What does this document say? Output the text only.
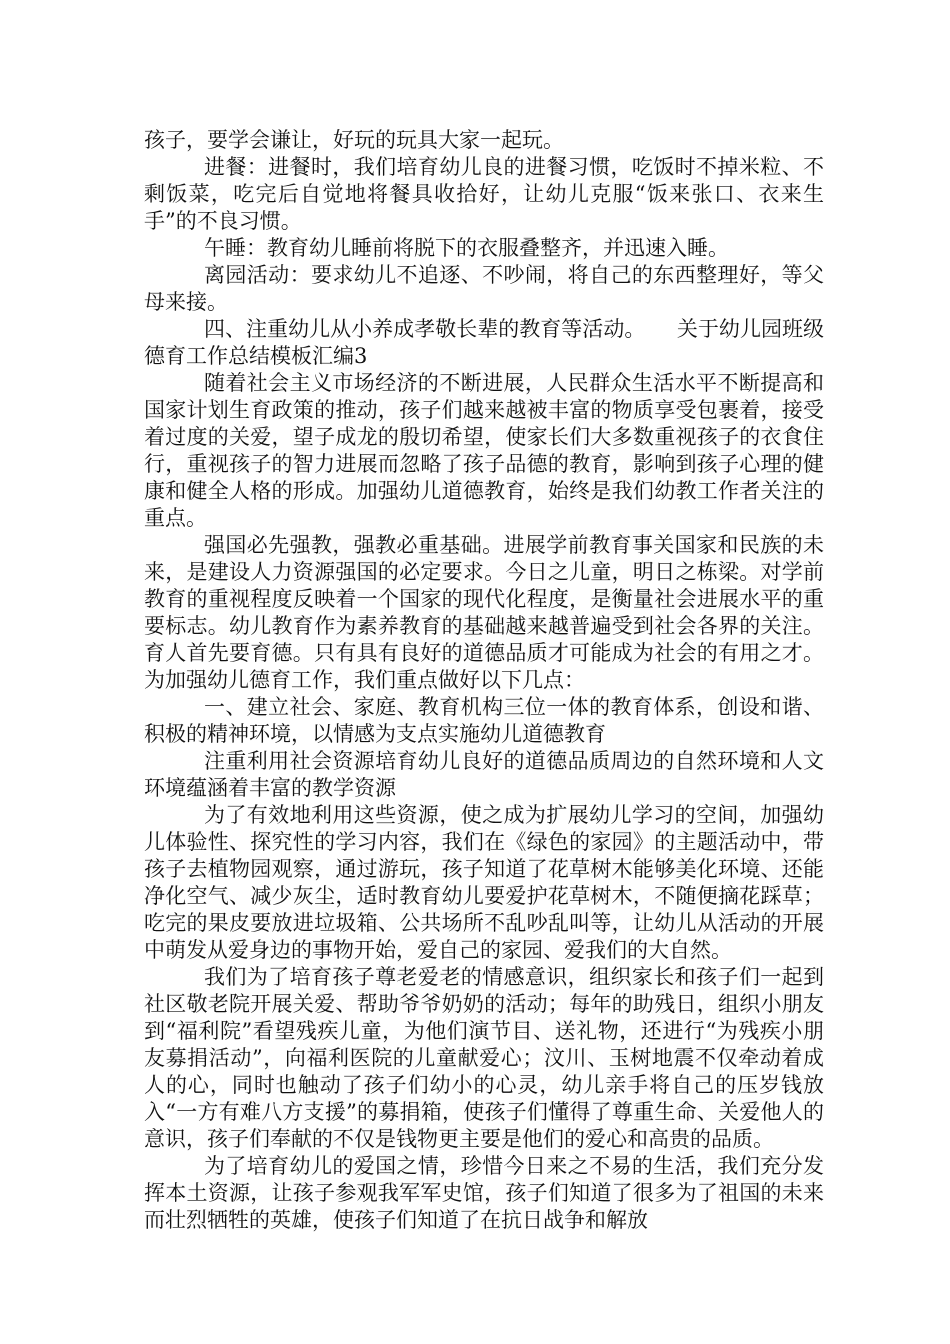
孩子，要学会谦让，好玩的玩具大家一起玩。

进餐：进餐时，我们培育幼儿良的进餐习惯，吃饭时不掉米粒、不剩饭菜，吃完后自觉地将餐具收拾好，让幼儿克服“饭来张口、衣来生手”的不良习惯。

午睡：教育幼儿睡前将脱下的衣服叠整齐，并迅速入睡。

离园活动：要求幼儿不追逐、不吵闹，将自己的东西整理好，等父母来接。

四、注重幼儿从小养成孝敬长辈的教育等活动。　　关于幼儿园班级德育工作总结模板汇编3

随着社会主义市场经济的不断进展，人民群众生活水平不断提高和国家计划生育政策的推动，孩子们越来越被丰富的物质享受包裹着，接受着过度的关爱，望子成龙的殷切希望，使家长们大多数重视孩子的衣食住行，重视孩子的智力进展而忽略了孩子品德的教育，影响到孩子心理的健康和健全人格的形成。加强幼儿道德教育，始终是我们幼教工作者关注的重点。

强国必先强教，强教必重基础。进展学前教育事关国家和民族的未来，是建设人力资源强国的必定要求。今日之儿童，明日之栋梁。对学前教育的重视程度反映着一个国家的现代化程度，是衡量社会进展水平的重要标志。幼儿教育作为素养教育的基础越来越普遍受到社会各界的关注。育人首先要育德。只有具有良好的道德品质才可能成为社会的有用之才。为加强幼儿德育工作，我们重点做好以下几点：

一、建立社会、家庭、教育机构三位一体的教育体系，创设和谐、积极的精神环境，以情感为支点实施幼儿道德教育

注重利用社会资源培育幼儿良好的道德品质周边的自然环境和人文环境蕴涵着丰富的教学资源

为了有效地利用这些资源，使之成为扩展幼儿学习的空间，加强幼儿体验性、探究性的学习内容，我们在《绿色的家园》的主题活动中，带孩子去植物园观察，通过游玩，孩子知道了花草树木能够美化环境、还能净化空气、减少灰尘，适时教育幼儿要爱护花草树木，不随便摘花踩草；吃完的果皮要放进垃圾箱、公共场所不乱吵乱叫等，让幼儿从活动的开展中萌发从爱身边的事物开始，爱自己的家园、爱我们的大自然。

我们为了培育孩子尊老爱老的情感意识，组织家长和孩子们一起到社区敬老院开展关爱、帮助爷爷奶奶的活动；每年的助残日，组织小朋友到“福利院”看望残疾儿童，为他们演节目、送礼物，还进行“为残疾小朋友募捐活动”，向福利医院的儿童献爱心；汶川、玉树地震不仅牵动着成人的心，同时也触动了孩子们幼小的心灵，幼儿亲手将自己的压岁钱放入“一方有难八方支援”的募捐箱，使孩子们懂得了尊重生命、关爱他人的意识，孩子们奉献的不仅是钱物更主要是他们的爱心和高贵的品质。

为了培育幼儿的爱国之情，珍惜今日来之不易的生活，我们充分发挥本土资源，让孩子参观我军军史馆，孩子们知道了很多为了祖国的未来而壮烈牺牲的英雄，使孩子们知道了在抗日战争和解放
